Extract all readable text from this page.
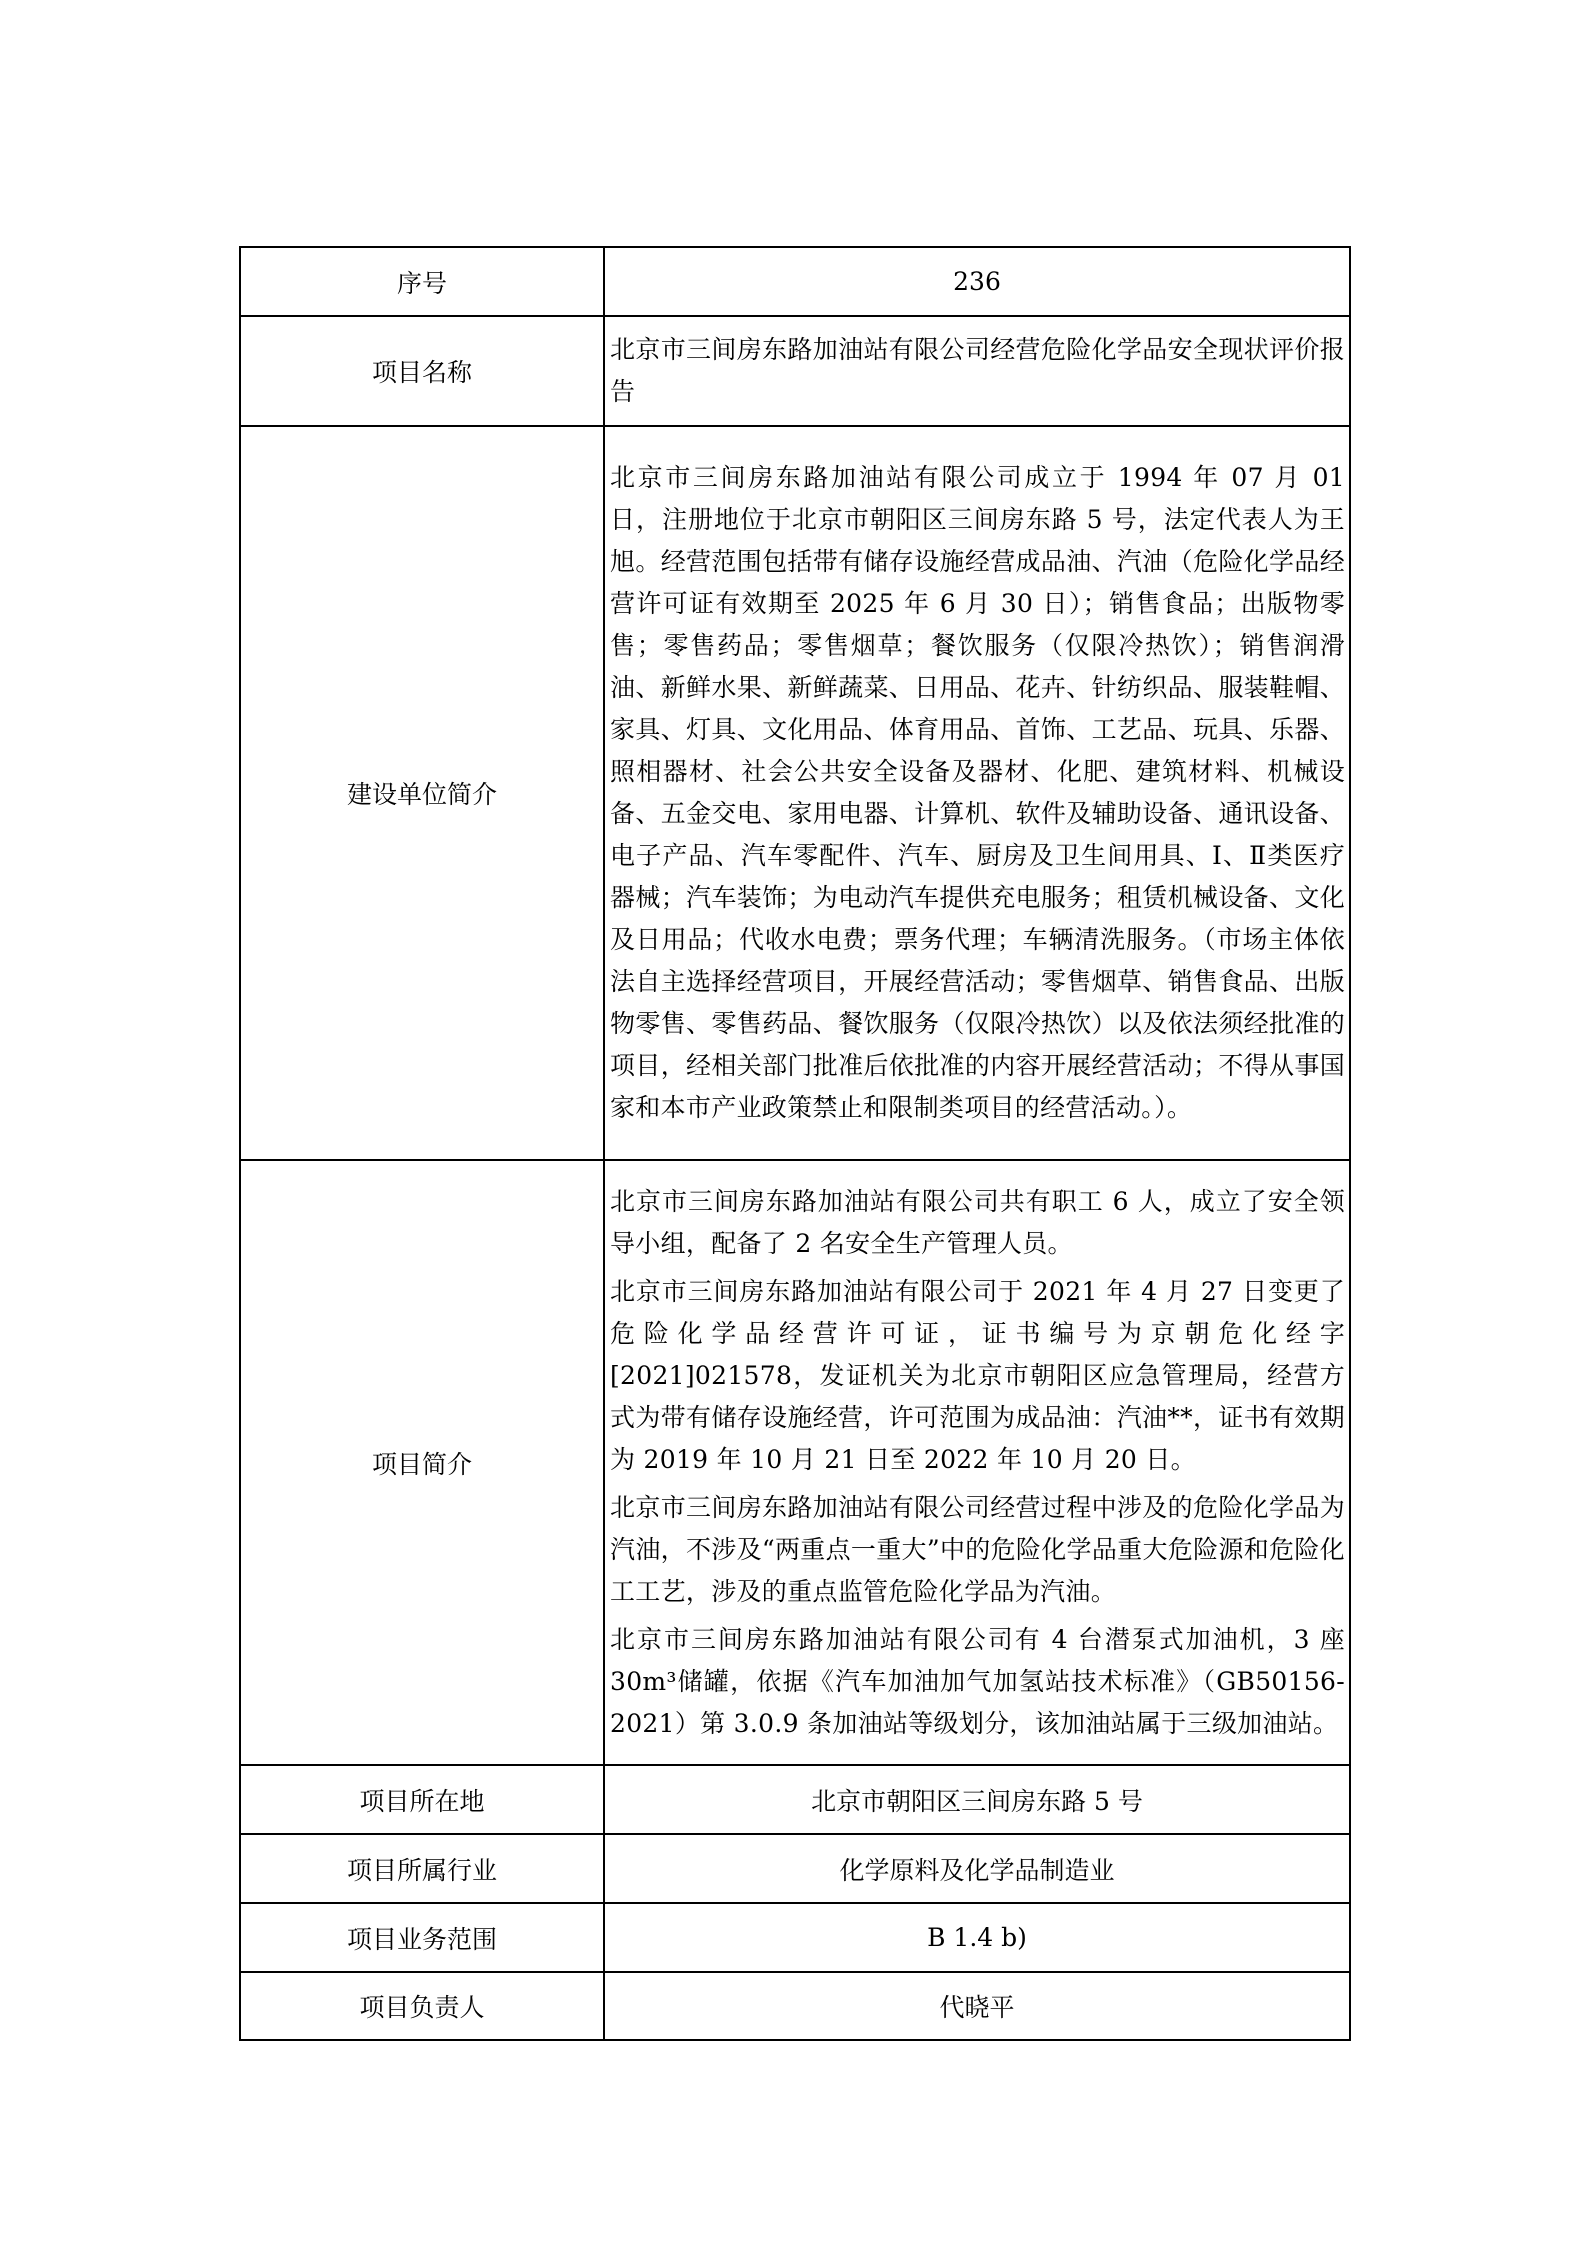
序号	236
项目名称	北京市三间房东路加油站有限公司经营危险化学品安全现状评价报告

建设单位简介	北京市三间房东路加油站有限公司成立于 1994 年 07 月 01 日，注册地位于北京市朝阳区三间房东路 5 号，法定代表人为王旭。经营范围包括带有储存设施经营成品油、汽油（危险化学品经营许可证有效期至 2025 年 6 月 30 日）；销售食品；出版物零售；零售药品；零售烟草；餐饮服务（仅限冷热饮）；销售润滑油、新鲜水果、新鲜蔬菜、日用品、花卉、针纺织品、服装鞋帽、家具、灯具、文化用品、体育用品、首饰、工艺品、玩具、乐器、照相器材、社会公共安全设备及器材、化肥、建筑材料、机械设备、五金交电、家用电器、计算机、软件及辅助设备、通讯设备、电子产品、汽车零配件、汽车、厨房及卫生间用具、I、Ⅱ类医疗器械；汽车装饰；为电动汽车提供充电服务；租赁机械设备、文化及日用品；代收水电费；票务代理；车辆清洗服务。（市场主体依法自主选择经营项目，开展经营活动；零售烟草、销售食品、出版物零售、零售药品、餐饮服务（仅限冷热饮）以及依法须经批准的项目，经相关部门批准后依批准的内容开展经营活动；不得从事国家和本市产业政策禁止和限制类项目的经营活动。）。

项目简介	北京市三间房东路加油站有限公司共有职工 6 人，成立了安全领导小组，配备了 2 名安全生产管理人员。

北京市三间房东路加油站有限公司于 2021 年 4 月 27 日变更了危险化学品经营许可证，证书编号为京朝危化经字[2021]021578，发证机关为北京市朝阳区应急管理局，经营方式为带有储存设施经营，许可范围为成品油：汽油**，证书有效期为 2019 年 10 月 21 日至 2022 年 10 月 20 日。

北京市三间房东路加油站有限公司经营过程中涉及的危险化学品为汽油，不涉及“两重点一重大”中的危险化学品重大危险源和危险化工工艺，涉及的重点监管危险化学品为汽油。

北京市三间房东路加油站有限公司有 4 台潜泵式加油机，3 座 30m³储罐，依据《汽车加油加气加氢站技术标准》（GB50156-2021）第 3.0.9 条加油站等级划分，该加油站属于三级加油站。

项目所在地	北京市朝阳区三间房东路 5 号
项目所属行业	化学原料及化学品制造业
项目业务范围	B 1.4 b)
项目负责人	代晓平
